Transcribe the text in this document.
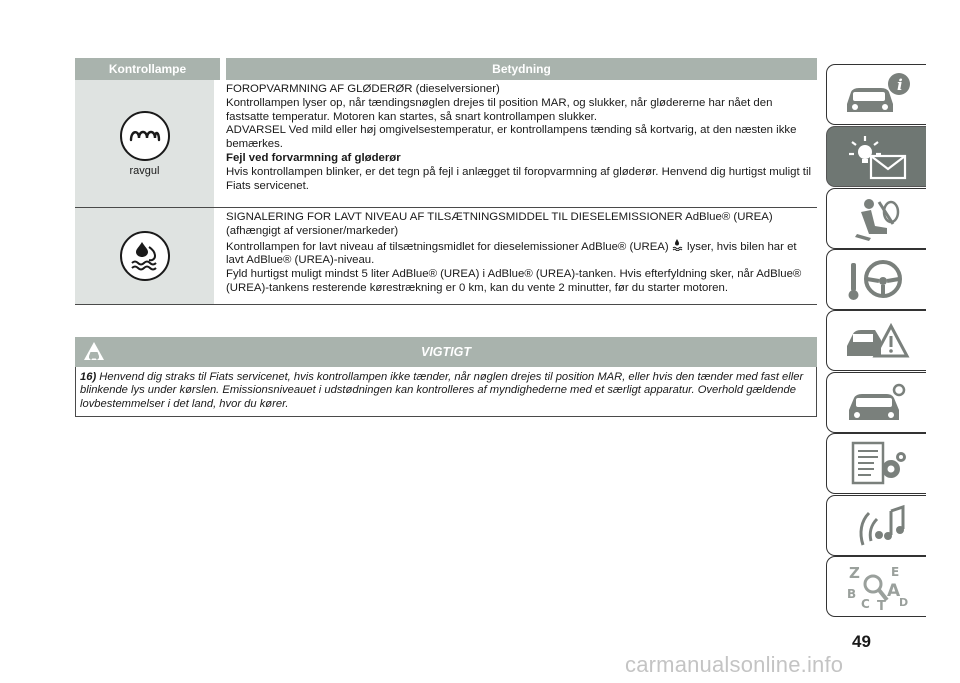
Kontrollampe	Betydning
ravgul

FOROPVARMNING AF GLØDERØR (dieselversioner)

Kontrollampen lyser op, når tændingsnøglen drejes til position MAR, og slukker, når glødererne har nået den fastsatte temperatur. Motoren kan startes, så snart kontrollampen slukker.

ADVARSEL Ved mild eller høj omgivelsestemperatur, er kontrollampens tænding så kortvarig, at den næsten ikke bemærkes.

Fejl ved forvarmning af gløderør

Hvis kontrollampen blinker, er det tegn på fejl i anlægget til foropvarmning af gløderør. Henvend dig hurtigst muligt til Fiats servicenet.

SIGNALERING FOR LAVT NIVEAU AF TILSÆTNINGSMIDDEL TIL DIESELEMISSIONER AdBlue® (UREA)

(afhængigt af versioner/markeder)

Kontrollampen for lavt niveau af tilsætningsmidlet for dieselemissioner AdBlue® (UREA) lyser, hvis bilen har et lavt AdBlue® (UREA)-niveau.

Fyld hurtigst muligt mindst 5 liter AdBlue® (UREA) i AdBlue® (UREA)-tanken. Hvis efterfyldning sker, når AdBlue® (UREA)-tankens resterende kørestrækning er 0 km, kan du vente 2 minutter, før du starter motoren.

VIGTIGT
16) Henvend dig straks til Fiats servicenet, hvis kontrollampen ikke tænder, når nøglen drejes til position MAR, eller hvis den tænder med fast eller blinkende lys under kørslen. Emissionsniveauet i udstødningen kan kontrolleres af myndighederne med et særligt apparatur. Overhold gældende lovbestemmelser i det land, hvor du kører.
i
Z	E
B A
C T D
49
carmanualsonline.info
